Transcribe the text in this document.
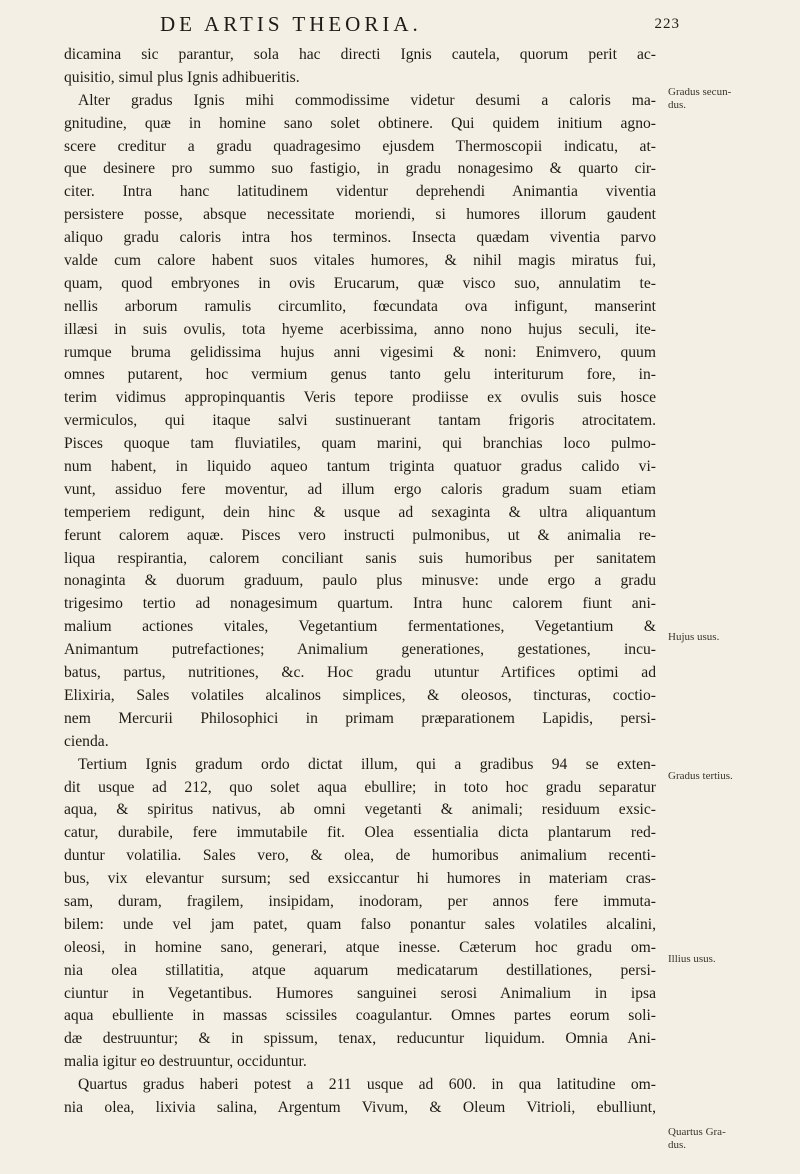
DE ARTIS THEORIA.	223
dicamina sic parantur, sola hac directi Ignis cautela, quorum perit ac-
quisitio, simul plus Ignis adhibueritis.
Alter gradus Ignis mihi commodissime videtur desumi a caloris ma-
gnitudine, quæ in homine sano solet obtinere. Qui quidem initium agno-
scere creditur a gradu quadragesimo ejusdem Thermoscopii indicatu, at-
que desinere pro summo suo fastigio, in gradu nonagesimo & quarto cir-
citer. Intra hanc latitudinem videntur deprehendi Animantia viventia
persistere posse, absque necessitate moriendi, si humores illorum gaudent
aliquo gradu caloris intra hos terminos. Insecta quædam viventia parvo
valde cum calore habent suos vitales humores, & nihil magis miratus fui,
quam, quod embryones in ovis Erucarum, quæ visco suo, annulatim te-
nellis arborum ramulis circumlito, fœcundata ova infigunt, manserint
illæsi in suis ovulis, tota hyeme acerbissima, anno nono hujus seculi, ite-
rumque bruma gelidissima hujus anni vigesimi & noni: Enimvero, quum
omnes putarent, hoc vermium genus tanto gelu interiturum fore, in-
terim vidimus appropinquantis Veris tepore prodiisse ex ovulis suis hosce
vermiculos, qui itaque salvi sustinuerant tantam frigoris atrocitatem.
Pisces quoque tam fluviatiles, quam marini, qui branchias loco pulmo-
num habent, in liquido aqueo tantum triginta quatuor gradus calido vi-
vunt, assiduo fere moventur, ad illum ergo caloris gradum suam etiam
temperiem redigunt, dein hinc & usque ad sexaginta & ultra aliquantum
ferunt calorem aquæ. Pisces vero instructi pulmonibus, ut & animalia re-
liqua respirantia, calorem conciliant sanis suis humoribus per sanitatem
nonaginta & duorum graduum, paulo plus minusve: unde ergo a gradu
trigesimo tertio ad nonagesimum quartum. Intra hunc calorem fiunt ani-
malium actiones vitales, Vegetantium fermentationes, Vegetantium &
Animantum putrefactiones; Animalium generationes, gestationes, incu-
batus, partus, nutritiones, &c. Hoc gradu utuntur Artifices optimi ad
Elixiria, Sales volatiles alcalinos simplices, & oleosos, tincturas, coctio-
nem Mercurii Philosophici in primam præparationem Lapidis, persi-
cienda.
Tertium Ignis gradum ordo dictat illum, qui a gradibus 94 se exten-
dit usque ad 212, quo solet aqua ebullire; in toto hoc gradu separatur
aqua, & spiritus nativus, ab omni vegetanti & animali; residuum exsic-
catur, durabile, fere immutabile fit. Olea essentialia dicta plantarum red-
duntur volatilia. Sales vero, & olea, de humoribus animalium recenti-
bus, vix elevantur sursum; sed exsiccantur hi humores in materiam cras-
sam, duram, fragilem, insipidam, inodoram, per annos fere immuta-
bilem: unde vel jam patet, quam falso ponantur sales volatiles alcalini,
oleosi, in homine sano, generari, atque inesse. Cæterum hoc gradu om-
nia olea stillatitia, atque aquarum medicatarum destillationes, persi-
ciuntur in Vegetantibus. Humores sanguinei serosi Animalium in ipsa
aqua ebulliente in massas scissiles coagulantur. Omnes partes eorum soli-
dæ destruuntur; & in spissum, tenax, reducuntur liquidum. Omnia Ani-
malia igitur eo destruuntur, occiduntur.
Quartus gradus haberi potest a 211 usque ad 600. in qua latitudine om-
nia olea, lixivia salina, Argentum Vivum, & Oleum Vitrioli, ebulliunt,
Gradus secun-
dus.
Hujus usus.
Gradus tertius.
Illius usus.
Quartus Gra-
dus.
